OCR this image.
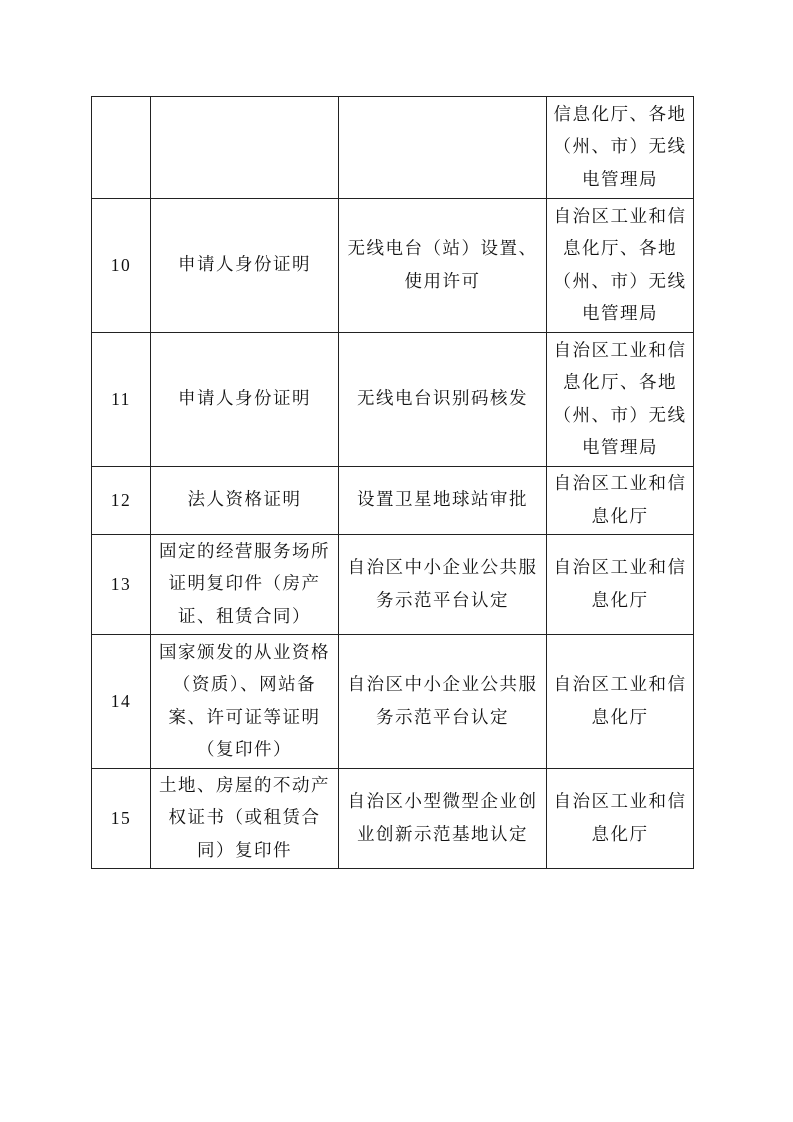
			信息化厅、各地（州、市）无线电管理局
10	申请人身份证明	无线电台（站）设置、使用许可	自治区工业和信息化厅、各地（州、市）无线电管理局
11	申请人身份证明	无线电台识别码核发	自治区工业和信息化厅、各地（州、市）无线电管理局
12	法人资格证明	设置卫星地球站审批	自治区工业和信息化厅
13	固定的经营服务场所证明复印件（房产证、租赁合同）	自治区中小企业公共服务示范平台认定	自治区工业和信息化厅
14	国家颁发的从业资格（资质）、网站备案、许可证等证明（复印件）	自治区中小企业公共服务示范平台认定	自治区工业和信息化厅
15	土地、房屋的不动产权证书（或租赁合同）复印件	自治区小型微型企业创业创新示范基地认定	自治区工业和信息化厅
